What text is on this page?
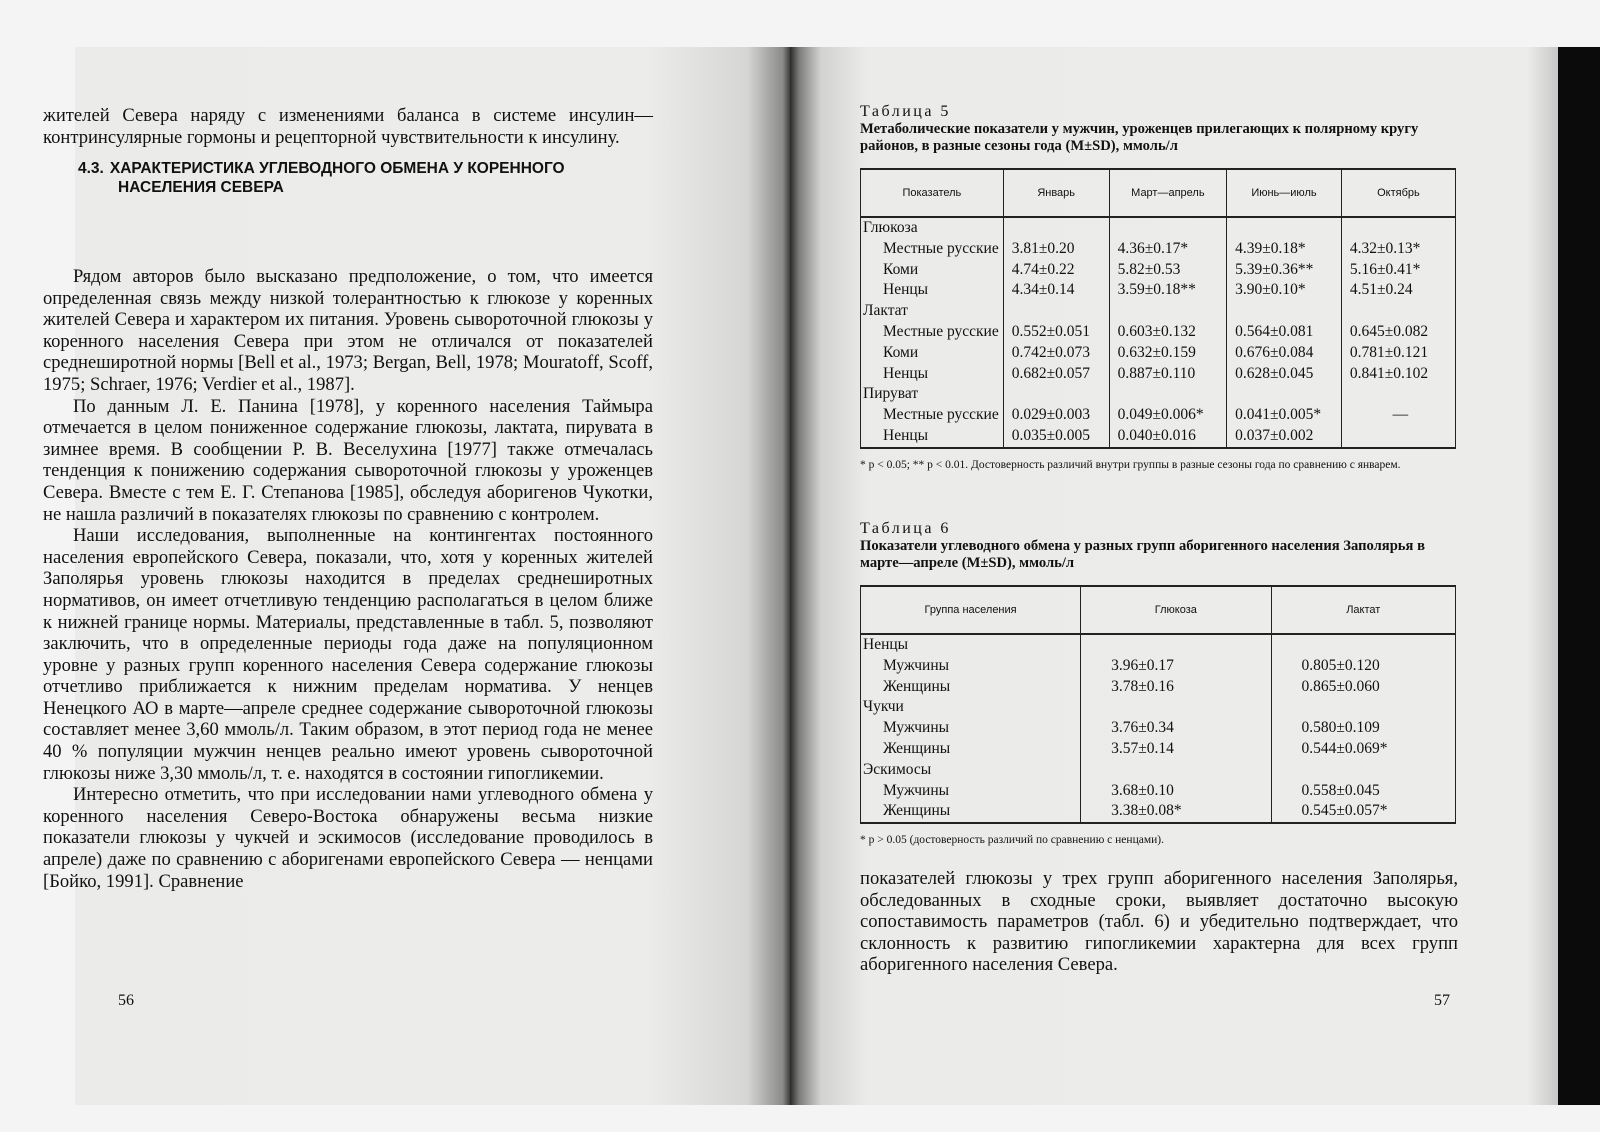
жителей Севера наряду с изменениями баланса в системе инсулин—контринсулярные гормоны и рецепторной чувствительности к инсулину.

4.3. ХАРАКТЕРИСТИКА УГЛЕВОДНОГО ОБМЕНА У КОРЕННОГО
НАСЕЛЕНИЯ СЕВЕРА

Рядом авторов было высказано предположение, о том, что имеется определенная связь между низкой толерантностью к глюкозе у коренных жителей Севера и характером их питания. Уровень сывороточной глюкозы у коренного населения Севера при этом не отличался от показателей среднеширотной нормы [Bell et al., 1973; Bergan, Bell, 1978; Mouratoff, Scoff, 1975; Schraer, 1976; Verdier et al., 1987].

По данным Л. Е. Панина [1978], у коренного населения Таймыра отмечается в целом пониженное содержание глюкозы, лактата, пирувата в зимнее время. В сообщении Р. В. Веселухина [1977] также отмечалась тенденция к понижению содержания сывороточной глюкозы у уроженцев Севера. Вместе с тем Е. Г. Степанова [1985], обследуя аборигенов Чукотки, не нашла различий в показателях глюкозы по сравнению с контролем.

Наши исследования, выполненные на контингентах постоянного населения европейского Севера, показали, что, хотя у коренных жителей Заполярья уровень глюкозы находится в пределах среднеширотных нормативов, он имеет отчетливую тенденцию располагаться в целом ближе к нижней границе нормы. Материалы, представленные в табл. 5, позволяют заключить, что в определенные периоды года даже на популяционном уровне у разных групп коренного населения Севера содержание глюкозы отчетливо приближается к нижним пределам норматива. У ненцев Ненецкого АО в марте—апреле среднее содержание сывороточной глюкозы составляет менее 3,60 ммоль/л. Таким образом, в этот период года не менее 40 % популяции мужчин ненцев реально имеют уровень сывороточной глюкозы ниже 3,30 ммоль/л, т. е. находятся в состоянии гипогликемии.

Интересно отметить, что при исследовании нами углеводного обмена у коренного населения Северо-Востока обнаружены весьма низкие показатели глюкозы у чукчей и эскимосов (исследование проводилось в апреле) даже по сравнению с аборигенами европейского Севера — ненцами [Бойко, 1991]. Сравнение

56

Таблица 5

Метаболические показатели у мужчин, уроженцев прилегающих к полярному кругу районов, в разные сезоны года (M±SD), ммоль/л

Показатель	Январь	Март—апрель	Июнь—июль	Октябрь
Глюкоза				
Местные русские	3.81±0.20	4.36±0.17*	4.39±0.18*	4.32±0.13*
Коми	4.74±0.22	5.82±0.53	5.39±0.36**	5.16±0.41*
Ненцы	4.34±0.14	3.59±0.18**	3.90±0.10*	4.51±0.24
Лактат				
Местные русские	0.552±0.051	0.603±0.132	0.564±0.081	0.645±0.082
Коми	0.742±0.073	0.632±0.159	0.676±0.084	0.781±0.121
Ненцы	0.682±0.057	0.887±0.110	0.628±0.045	0.841±0.102
Пируват				
Местные русские	0.029±0.003	0.049±0.006*	0.041±0.005*	—
Ненцы	0.035±0.005	0.040±0.016	0.037±0.002	

* p < 0.05; ** p < 0.01. Достоверность различий внутри группы в разные сезоны года по сравнению с январем.

Таблица 6

Показатели углеводного обмена у разных групп аборигенного населения Заполярья в марте—апреле (M±SD), ммоль/л

Группа населения	Глюкоза	Лактат
Ненцы		
Мужчины	3.96±0.17	0.805±0.120
Женщины	3.78±0.16	0.865±0.060
Чукчи		
Мужчины	3.76±0.34	0.580±0.109
Женщины	3.57±0.14	0.544±0.069*
Эскимосы		
Мужчины	3.68±0.10	0.558±0.045
Женщины	3.38±0.08*	0.545±0.057*

* p > 0.05 (достоверность различий по сравнению с ненцами).

показателей глюкозы у трех групп аборигенного населения Заполярья, обследованных в сходные сроки, выявляет достаточно высокую сопоставимость параметров (табл. 6) и убедительно подтверждает, что склонность к развитию гипогликемии характерна для всех групп аборигенного населения Севера.

57
